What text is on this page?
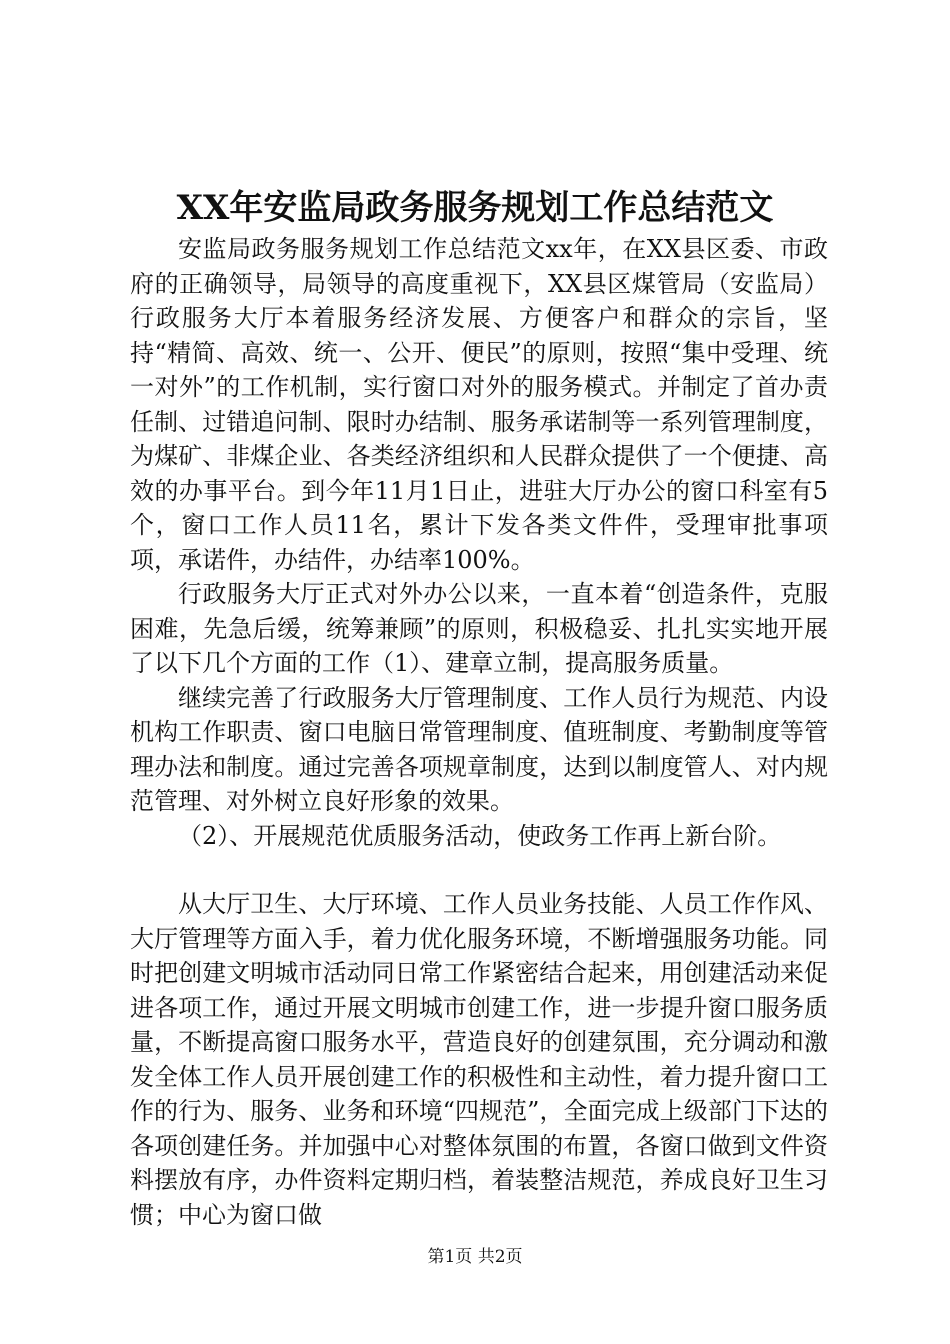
XX年安监局政务服务规划工作总结范文

安监局政务服务规划工作总结范文xx年，在XX县区委、市政府的正确领导，局领导的高度重视下，XX县区煤管局（安监局）行政服务大厅本着服务经济发展、方便客户和群众的宗旨，坚持“精简、高效、统一、公开、便民”的原则，按照“集中受理、统一对外”的工作机制，实行窗口对外的服务模式。并制定了首办责任制、过错追问制、限时办结制、服务承诺制等一系列管理制度，为煤矿、非煤企业、各类经济组织和人民群众提供了一个便捷、高效的办事平台。到今年11月1日止，进驻大厅办公的窗口科室有5个，窗口工作人员11名，累计下发各类文件件，受理审批事项项，承诺件，办结件，办结率100%。

行政服务大厅正式对外办公以来，一直本着“创造条件，克服困难，先急后缓，统筹兼顾”的原则，积极稳妥、扎扎实实地开展了以下几个方面的工作（1）、建章立制，提高服务质量。

继续完善了行政服务大厅管理制度、工作人员行为规范、内设机构工作职责、窗口电脑日常管理制度、值班制度、考勤制度等管理办法和制度。通过完善各项规章制度，达到以制度管人、对内规范管理、对外树立良好形象的效果。

（2）、开展规范优质服务活动，使政务工作再上新台阶。

从大厅卫生、大厅环境、工作人员业务技能、人员工作作风、大厅管理等方面入手，着力优化服务环境，不断增强服务功能。同时把创建文明城市活动同日常工作紧密结合起来，用创建活动来促进各项工作，通过开展文明城市创建工作，进一步提升窗口服务质量，不断提高窗口服务水平，营造良好的创建氛围，充分调动和激发全体工作人员开展创建工作的积极性和主动性，着力提升窗口工作的行为、服务、业务和环境“四规范”，全面完成上级部门下达的各项创建任务。并加强中心对整体氛围的布置，各窗口做到文件资料摆放有序，办件资料定期归档，着装整洁规范，养成良好卫生习惯；中心为窗口做

第1页 共2页
